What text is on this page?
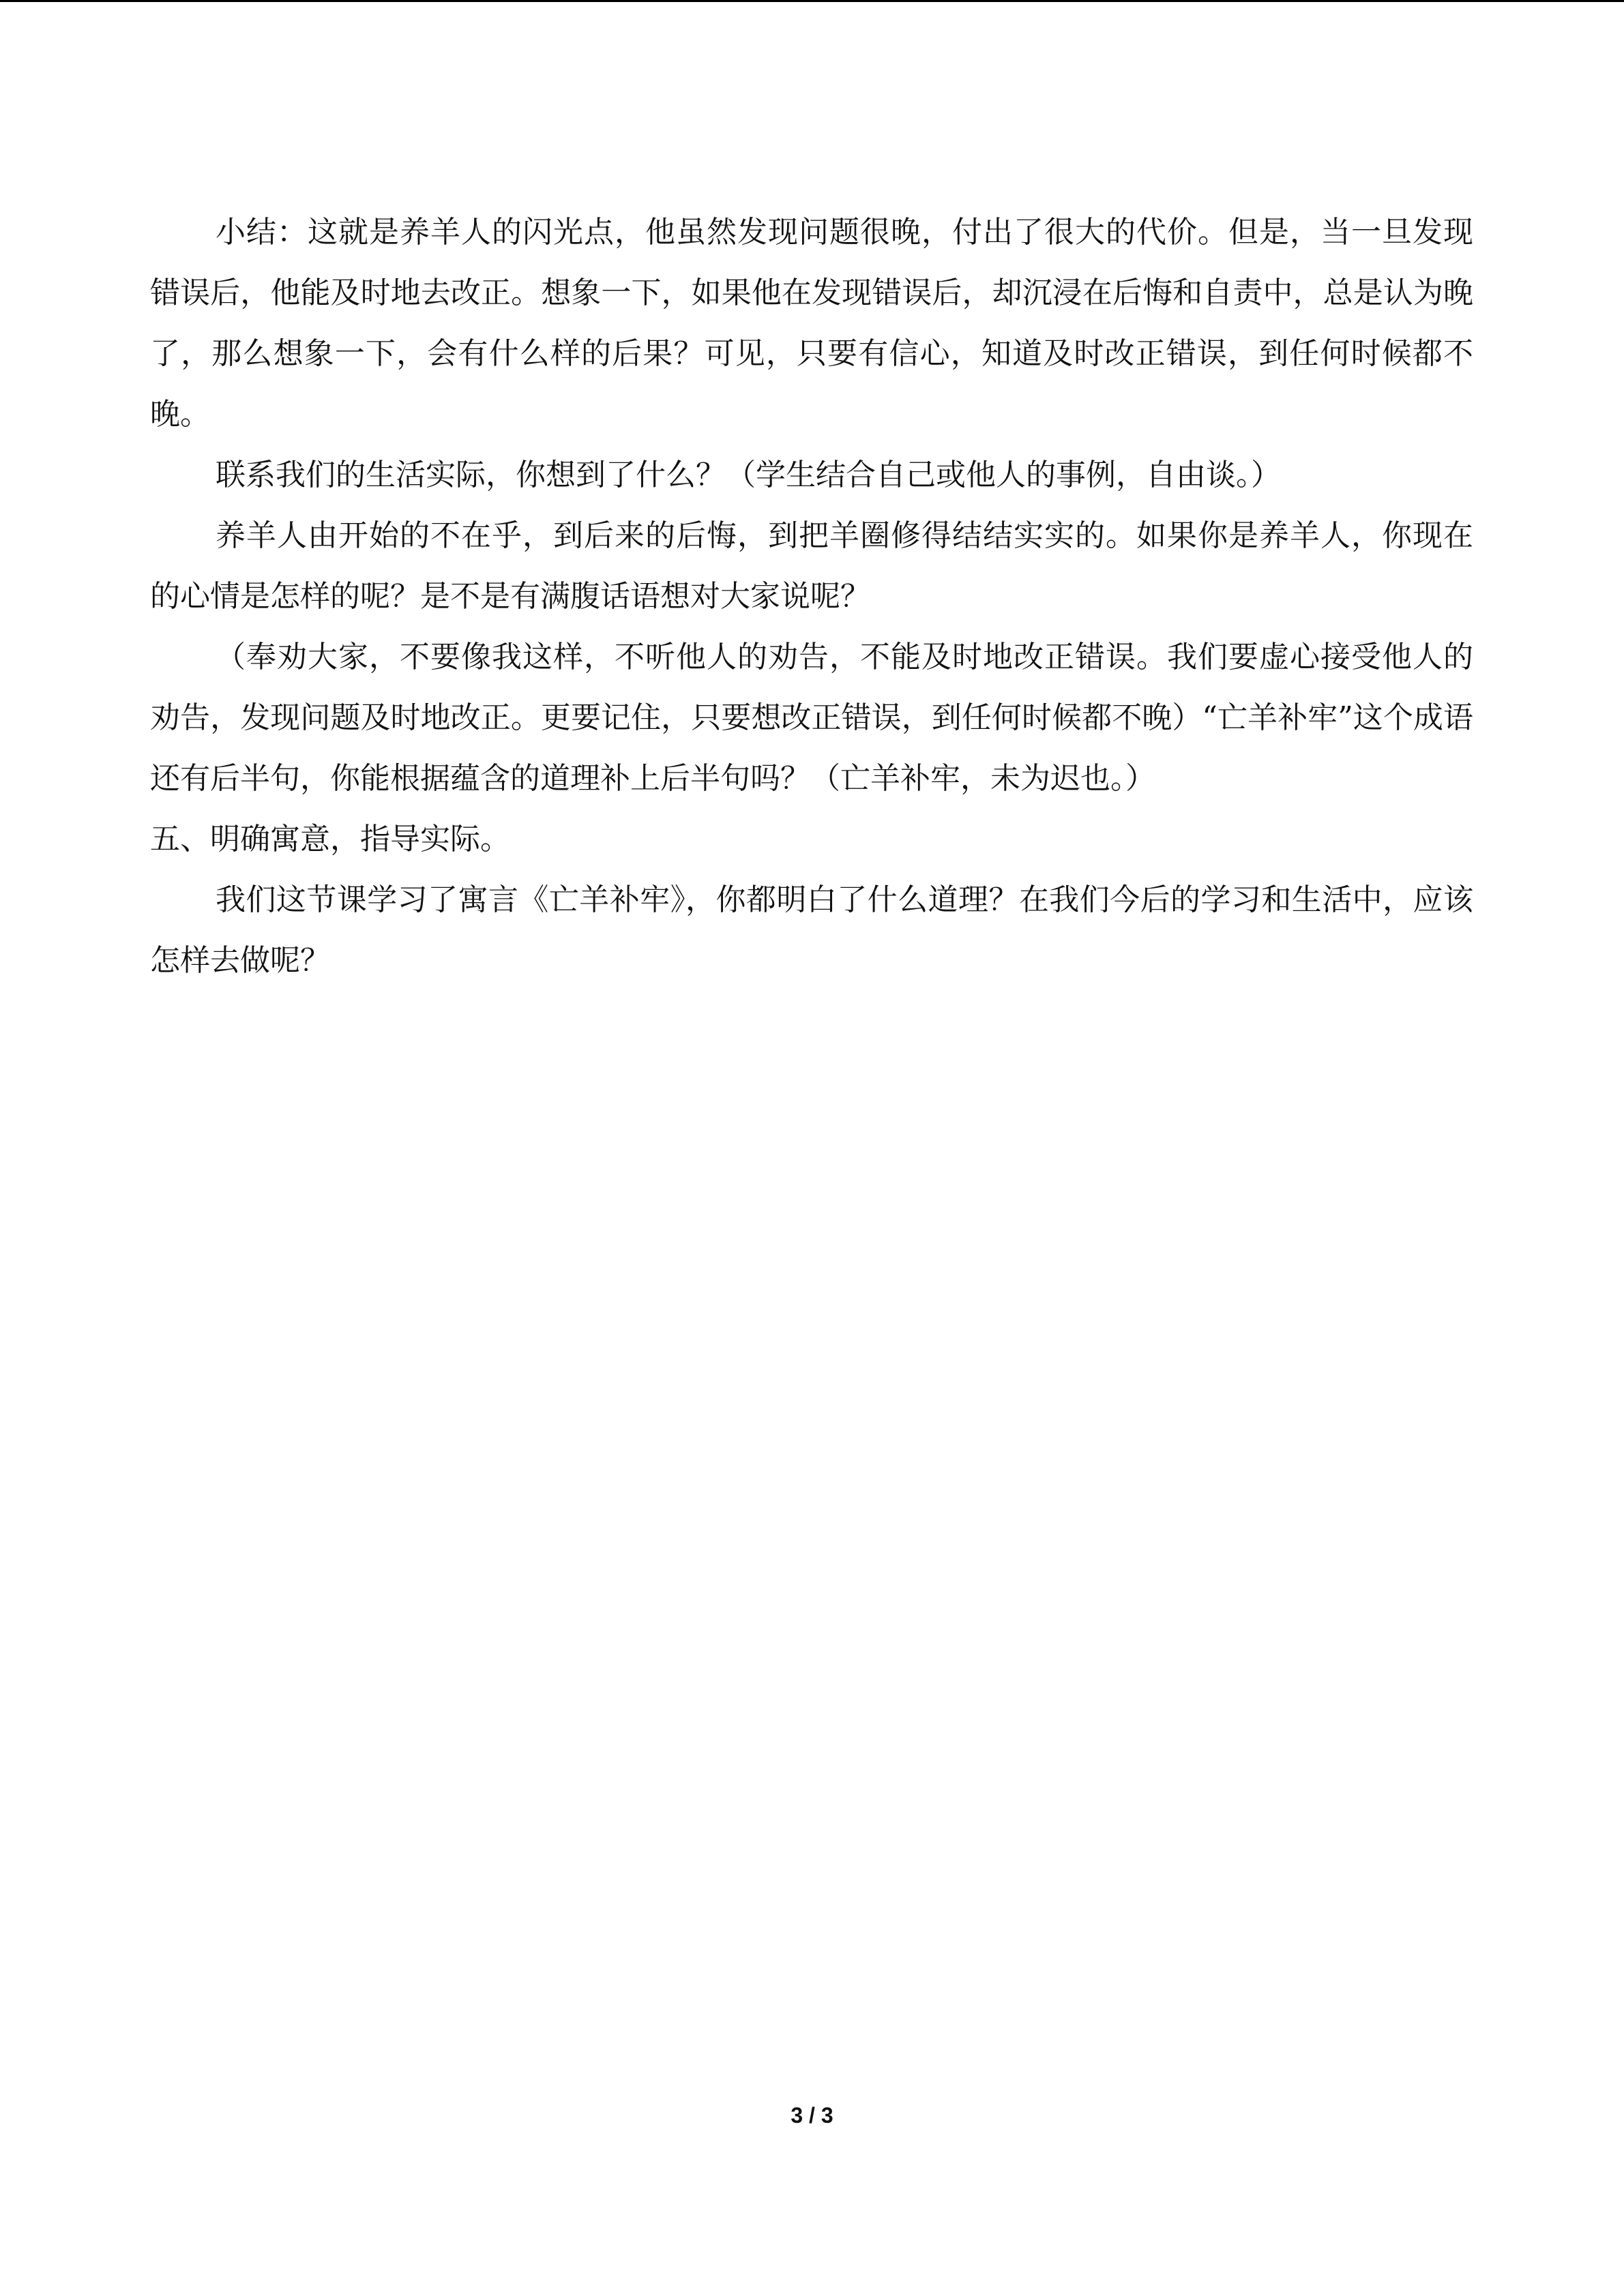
小结：这就是养羊人的闪光点，他虽然发现问题很晚，付出了很大的代价。但是，当一旦发现错误后，他能及时地去改正。想象一下，如果他在发现错误后，却沉浸在后悔和自责中，总是认为晚了，那么想象一下，会有什么样的后果？可见，只要有信心，知道及时改正错误，到任何时候都不晚。

联系我们的生活实际，你想到了什么？（学生结合自己或他人的事例，自由谈。）

养羊人由开始的不在乎，到后来的后悔，到把羊圈修得结结实实的。如果你是养羊人，你现在的心情是怎样的呢？是不是有满腹话语想对大家说呢？

（奉劝大家，不要像我这样，不听他人的劝告，不能及时地改正错误。我们要虚心接受他人的劝告，发现问题及时地改正。更要记住，只要想改正错误，到任何时候都不晚）“亡羊补牢”这个成语还有后半句，你能根据蕴含的道理补上后半句吗？（亡羊补牢，未为迟也。）

五、明确寓意，指导实际。

我们这节课学习了寓言《亡羊补牢》，你都明白了什么道理？在我们今后的学习和生活中，应该怎样去做呢？

3 / 3
